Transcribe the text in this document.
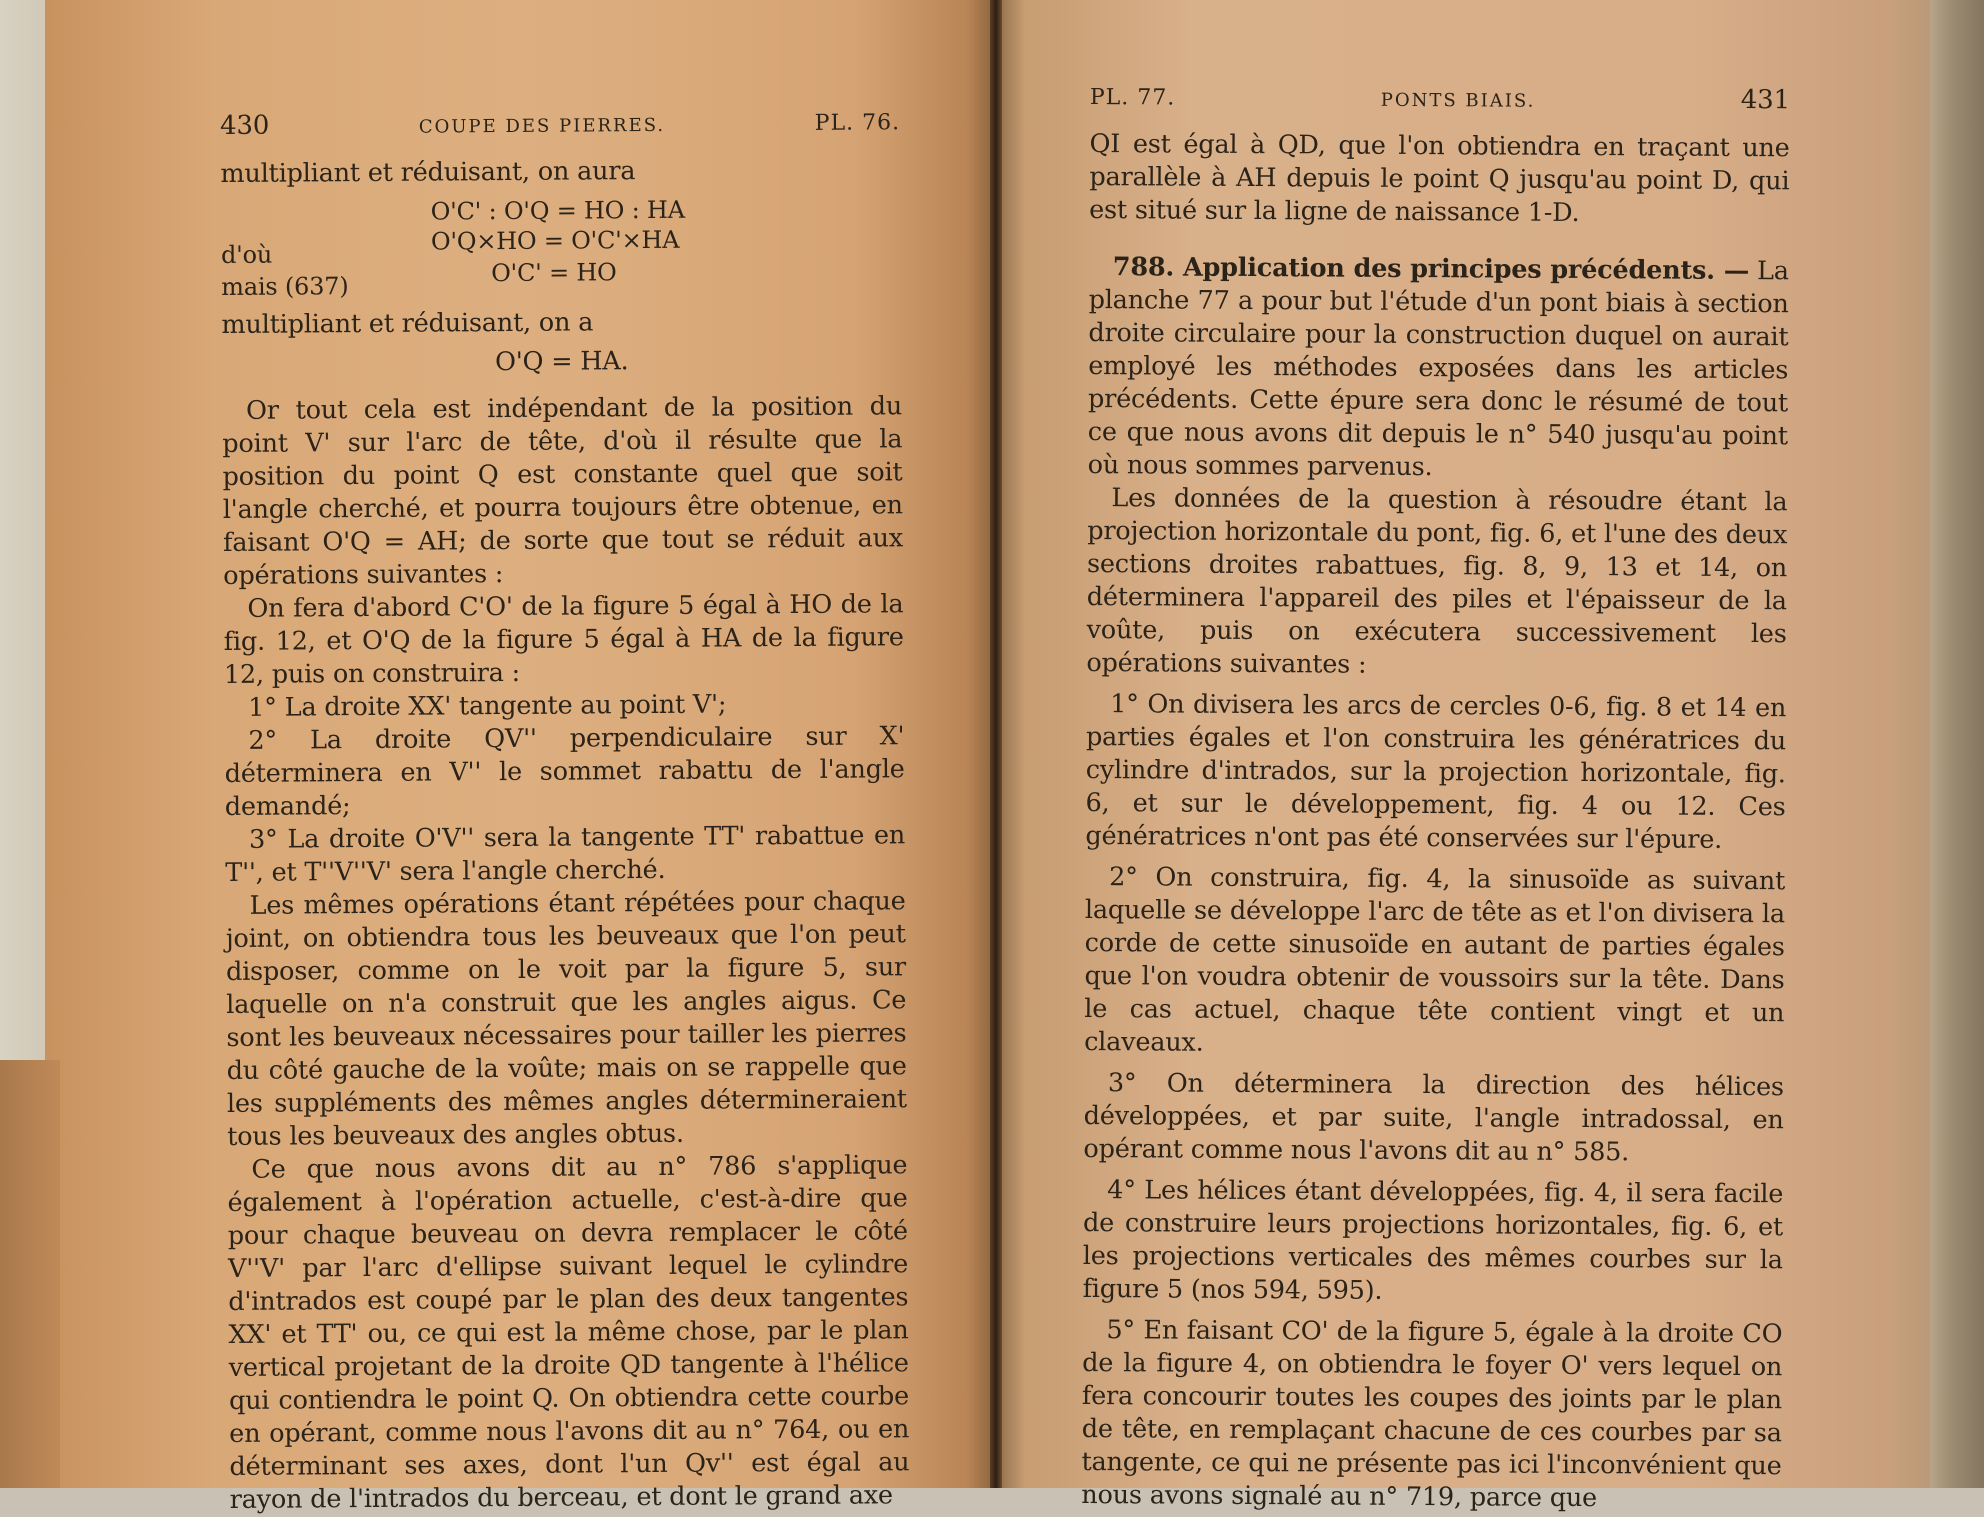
430	COUPE DES PIERRES.	PL. 76.

multipliant et réduisant, on aura

O'C' : O'Q = HO : HA
d'où	O'Q×HO = O'C'×HA
mais (637)	O'C' = HO

multipliant et réduisant, on a

O'Q = HA.

Or tout cela est indépendant de la position du point V' sur l'arc de tête, d'où il résulte que la position du point Q est constante quel que soit l'angle cherché, et pourra toujours être obtenue, en faisant O'Q = AH; de sorte que tout se réduit aux opérations suivantes :

On fera d'abord C'O' de la figure 5 égal à HO de la fig. 12, et O'Q de la figure 5 égal à HA de la figure 12, puis on construira :

1° La droite XX' tangente au point V';

2° La droite QV'' perpendiculaire sur X' déterminera en V'' le sommet rabattu de l'angle demandé;

3° La droite O'V'' sera la tangente TT' rabattue en T'', et T''V''V' sera l'angle cherché.

Les mêmes opérations étant répétées pour chaque joint, on obtiendra tous les beuveaux que l'on peut disposer, comme on le voit par la figure 5, sur laquelle on n'a construit que les angles aigus. Ce sont les beuveaux nécessaires pour tailler les pierres du côté gauche de la voûte; mais on se rappelle que les suppléments des mêmes angles détermineraient tous les beuveaux des angles obtus.

Ce que nous avons dit au n° 786 s'applique également à l'opération actuelle, c'est-à-dire que pour chaque beuveau on devra remplacer le côté V''V' par l'arc d'ellipse suivant lequel le cylindre d'intrados est coupé par le plan des deux tangentes XX' et TT' ou, ce qui est la même chose, par le plan vertical projetant de la droite QD tangente à l'hélice qui contiendra le point Q. On obtiendra cette courbe en opérant, comme nous l'avons dit au n° 764, ou en déterminant ses axes, dont l'un Qv'' est égal au rayon de l'intrados du berceau, et dont le grand axe

PL. 77.	PONTS BIAIS.	431

QI est égal à QD, que l'on obtiendra en traçant une parallèle à AH depuis le point Q jusqu'au point D, qui est situé sur la ligne de naissance 1-D.

788. Application des principes précédents. — La planche 77 a pour but l'étude d'un pont biais à section droite circulaire pour la construction duquel on aurait employé les méthodes exposées dans les articles précédents. Cette épure sera donc le résumé de tout ce que nous avons dit depuis le n° 540 jusqu'au point où nous sommes parvenus.

Les données de la question à résoudre étant la projection horizontale du pont, fig. 6, et l'une des deux sections droites rabattues, fig. 8, 9, 13 et 14, on déterminera l'appareil des piles et l'épaisseur de la voûte, puis on exécutera successivement les opérations suivantes :

1° On divisera les arcs de cercles 0-6, fig. 8 et 14 en parties égales et l'on construira les génératrices du cylindre d'intrados, sur la projection horizontale, fig. 6, et sur le développement, fig. 4 ou 12. Ces génératrices n'ont pas été conservées sur l'épure.

2° On construira, fig. 4, la sinusoïde as suivant laquelle se développe l'arc de tête as et l'on divisera la corde de cette sinusoïde en autant de parties égales que l'on voudra obtenir de voussoirs sur la tête. Dans le cas actuel, chaque tête contient vingt et un claveaux.

3° On déterminera la direction des hélices développées, et par suite, l'angle intradossal, en opérant comme nous l'avons dit au n° 585.

4° Les hélices étant développées, fig. 4, il sera facile de construire leurs projections horizontales, fig. 6, et les projections verticales des mêmes courbes sur la figure 5 (nos 594, 595).

5° En faisant CO' de la figure 5, égale à la droite CO de la figure 4, on obtiendra le foyer O' vers lequel on fera concourir toutes les coupes des joints par le plan de tête, en remplaçant chacune de ces courbes par sa tangente, ce qui ne présente pas ici l'inconvénient que nous avons signalé au n° 719, parce que
